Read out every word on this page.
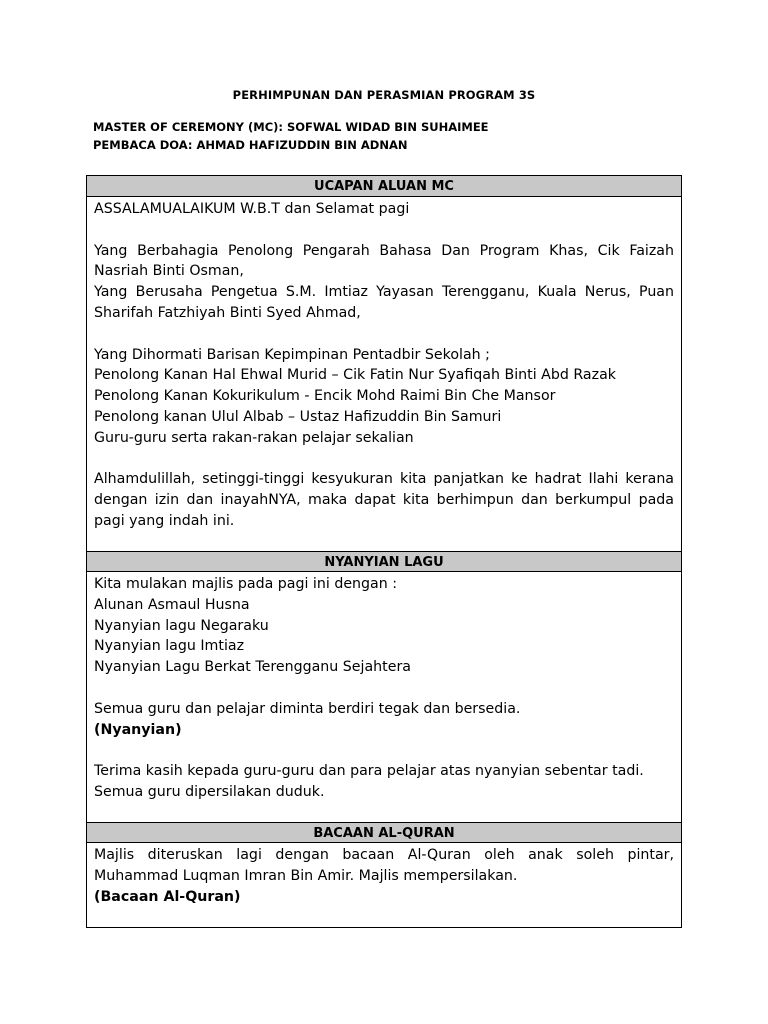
PERHIMPUNAN DAN PERASMIAN PROGRAM 3S
MASTER OF CEREMONY (MC): SOFWAL WIDAD BIN SUHAIMEE
PEMBACA DOA: AHMAD HAFIZUDDIN BIN ADNAN
UCAPAN ALUAN MC

ASSALAMUALAIKUM W.B.T dan Selamat pagi

Yang Berbahagia Penolong Pengarah Bahasa Dan Program Khas, Cik Faizah Nasriah Binti Osman,

Yang Berusaha Pengetua S.M. Imtiaz Yayasan Terengganu, Kuala Nerus, Puan Sharifah Fatzhiyah Binti Syed Ahmad,

Yang Dihormati Barisan Kepimpinan Pentadbir Sekolah ;

Penolong Kanan Hal Ehwal Murid – Cik Fatin Nur Syafiqah Binti Abd Razak

Penolong Kanan Kokurikulum - Encik Mohd Raimi Bin Che Mansor

Penolong kanan Ulul Albab – Ustaz Hafizuddin Bin Samuri

Guru-guru serta rakan-rakan pelajar sekalian

Alhamdulillah, setinggi-tinggi kesyukuran kita panjatkan ke hadrat Ilahi kerana dengan izin dan inayahNYA, maka dapat kita berhimpun dan berkumpul pada pagi yang indah ini.

NYANYIAN LAGU

Kita mulakan majlis pada pagi ini dengan :

Alunan Asmaul Husna

Nyanyian lagu Negaraku

Nyanyian lagu Imtiaz

Nyanyian Lagu Berkat Terengganu Sejahtera

Semua guru dan pelajar diminta berdiri tegak dan bersedia.

(Nyanyian)

Terima kasih kepada guru-guru dan para pelajar atas nyanyian sebentar tadi.

Semua guru dipersilakan duduk.

BACAAN AL-QURAN

Majlis diteruskan lagi dengan bacaan Al-Quran oleh anak soleh pintar, Muhammad Luqman Imran Bin Amir. Majlis mempersilakan.

(Bacaan Al-Quran)
